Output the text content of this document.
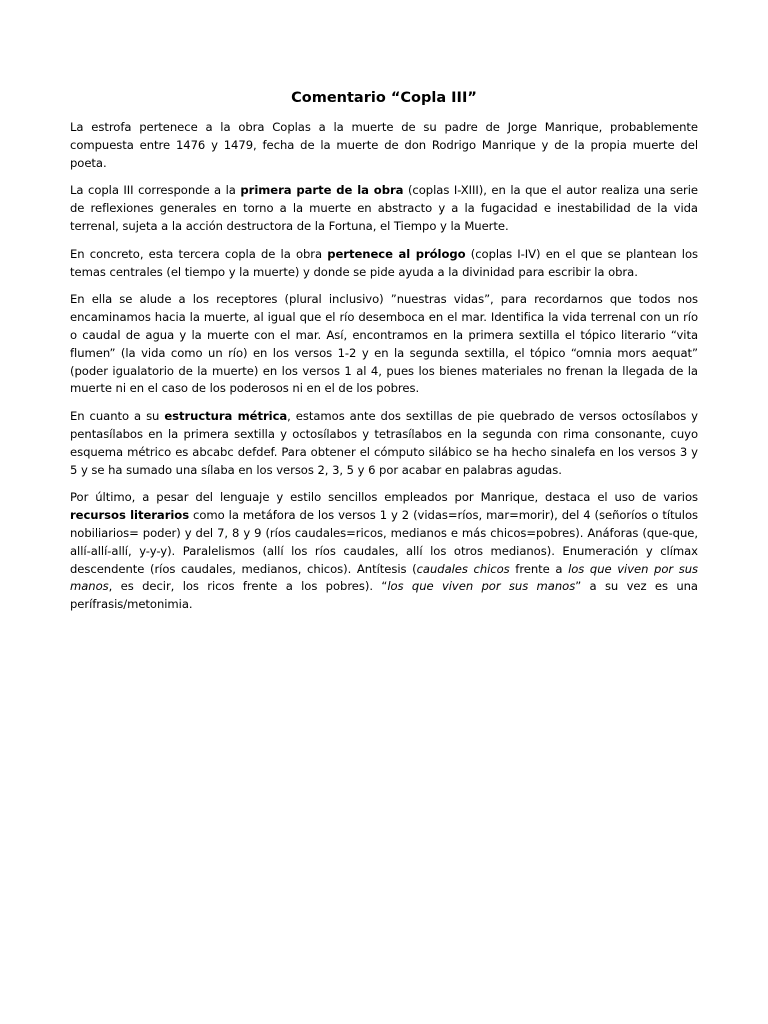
Comentario “Copla III”

La estrofa pertenece a la obra Coplas a la muerte de su padre de Jorge Manrique, probablemente compuesta entre 1476 y 1479, fecha de la muerte de don Rodrigo Manrique y de la propia muerte del poeta.

La copla III corresponde a la primera parte de la obra (coplas I-XIII), en la que el autor realiza una serie de reflexiones generales en torno a la muerte en abstracto y a la fugacidad e inestabilidad de la vida terrenal, sujeta a la acción destructora de la Fortuna, el Tiempo y la Muerte.

En concreto, esta tercera copla de la obra pertenece al prólogo (coplas I-IV) en el que se plantean los temas centrales (el tiempo y la muerte) y donde se pide ayuda a la divinidad para escribir la obra.

En ella se alude a los receptores (plural inclusivo) ”nuestras vidas”, para recordarnos que todos nos encaminamos hacia la muerte, al igual que el río desemboca en el mar. Identifica la vida terrenal con un río o caudal de agua y la muerte con el mar. Así, encontramos en la primera sextilla el tópico literario “vita flumen” (la vida como un río) en los versos 1-2 y en la segunda sextilla, el tópico “omnia mors aequat” (poder igualatorio de la muerte) en los versos 1 al 4, pues los bienes materiales no frenan la llegada de la muerte ni en el caso de los poderosos ni en el de los pobres.

En cuanto a su estructura métrica, estamos ante dos sextillas de pie quebrado de versos octosílabos y pentasílabos en la primera sextilla y octosílabos y tetrasílabos en la segunda con rima consonante, cuyo esquema métrico es abcabc defdef. Para obtener el cómputo silábico se ha hecho sinalefa en los versos 3 y 5 y se ha sumado una sílaba en los versos 2, 3, 5 y 6 por acabar en palabras agudas.

Por último, a pesar del lenguaje y estilo sencillos empleados por Manrique, destaca el uso de varios recursos literarios como la metáfora de los versos 1 y 2 (vidas=ríos, mar=morir), del 4 (señoríos o títulos nobiliarios= poder) y del 7, 8 y 9 (ríos caudales=ricos, medianos e más chicos=pobres). Anáforas (que-que, allí-allí-allí, y-y-y). Paralelismos (allí los ríos caudales, allí los otros medianos). Enumeración y clímax descendente (ríos caudales, medianos, chicos). Antítesis (caudales chicos frente a los que viven por sus manos, es decir, los ricos frente a los pobres). “los que viven por sus manos” a su vez es una perífrasis/metonimia.
